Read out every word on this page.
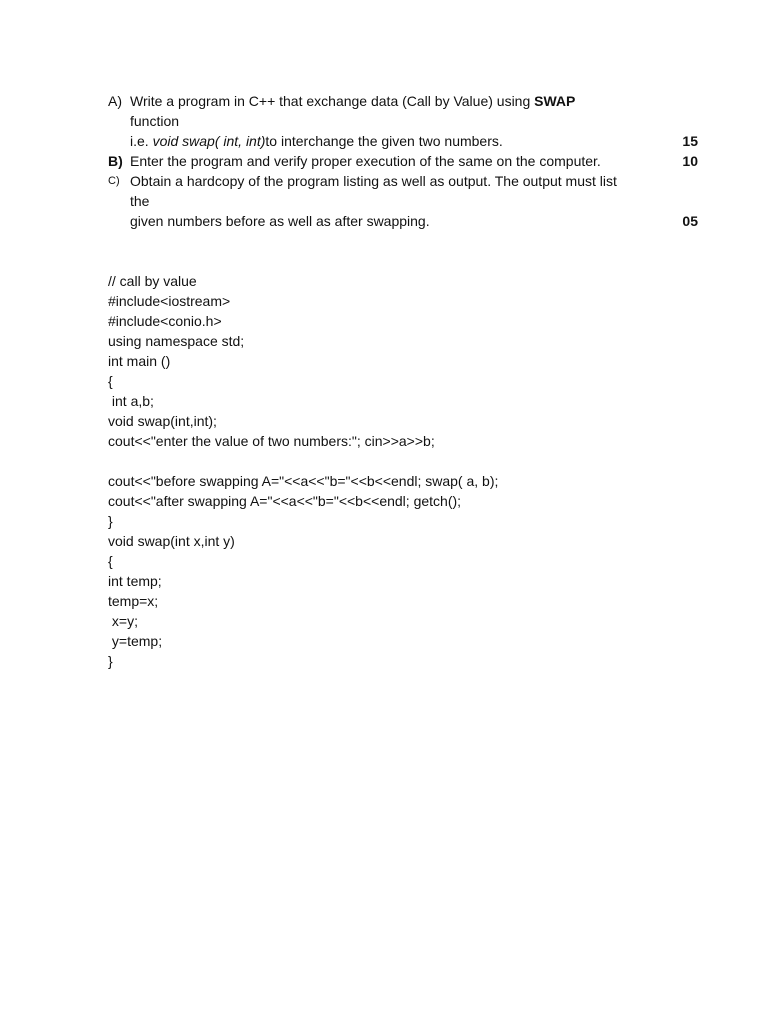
A) Write a program in C++ that exchange data (Call by Value) using SWAP
function
i.e. void swap( int, int)to interchange the given two numbers.	15
B) Enter the program and verify proper execution of the same on the computer.	10
C) Obtain a hardcopy of the program listing as well as output. The output must list
the
given numbers before as well as after swapping.	05
// call by value
#include<iostream>
#include<conio.h>
using namespace std;
int main ()
{
int a,b;
void swap(int,int);
cout<<"enter the value of two numbers:"; cin>>a>>b;
cout<<"before swapping A="<<a<<"b="<<b<<endl; swap( a, b);
cout<<"after swapping A="<<a<<"b="<<b<<endl; getch();
}
void swap(int x,int y)
{
int temp;
temp=x;
x=y;
y=temp;
}
